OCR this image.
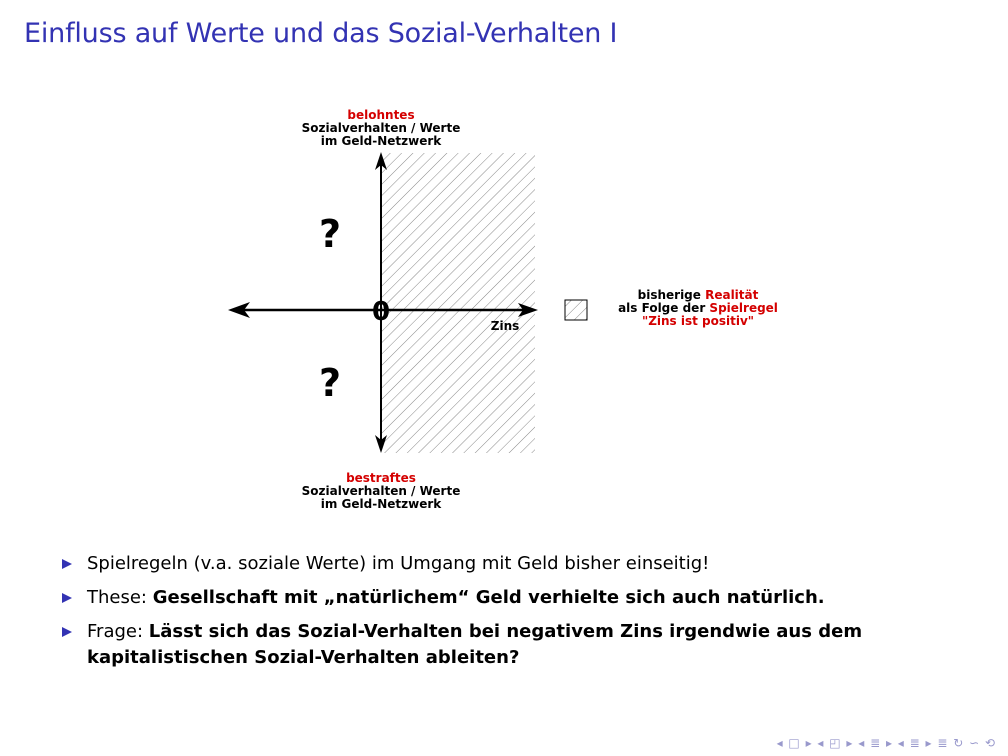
Einfluss auf Werte und das Sozial-Verhalten I
0	Zins
?
?
belohntes
Sozialverhalten / Werte
im Geld-Netzwerk
bestraftes
Sozialverhalten / Werte
im Geld-Netzwerk
bisherige Realität
als Folge der Spielregel
"Zins ist positiv"
Spielregeln (v.a. soziale Werte) im Umgang mit Geld bisher einseitig!
These: Gesellschaft mit „natürlichem“ Geld verhielte sich auch natürlich.
Frage: Lässt sich das Sozial-Verhalten bei negativem Zins irgendwie aus dem kapitalistischen Sozial-Verhalten ableiten?
◂ □ ▸ ◂ ◰ ▸ ◂ ≣ ▸ ◂ ≣ ▸ ≣ ↻ ∽ ⟲
